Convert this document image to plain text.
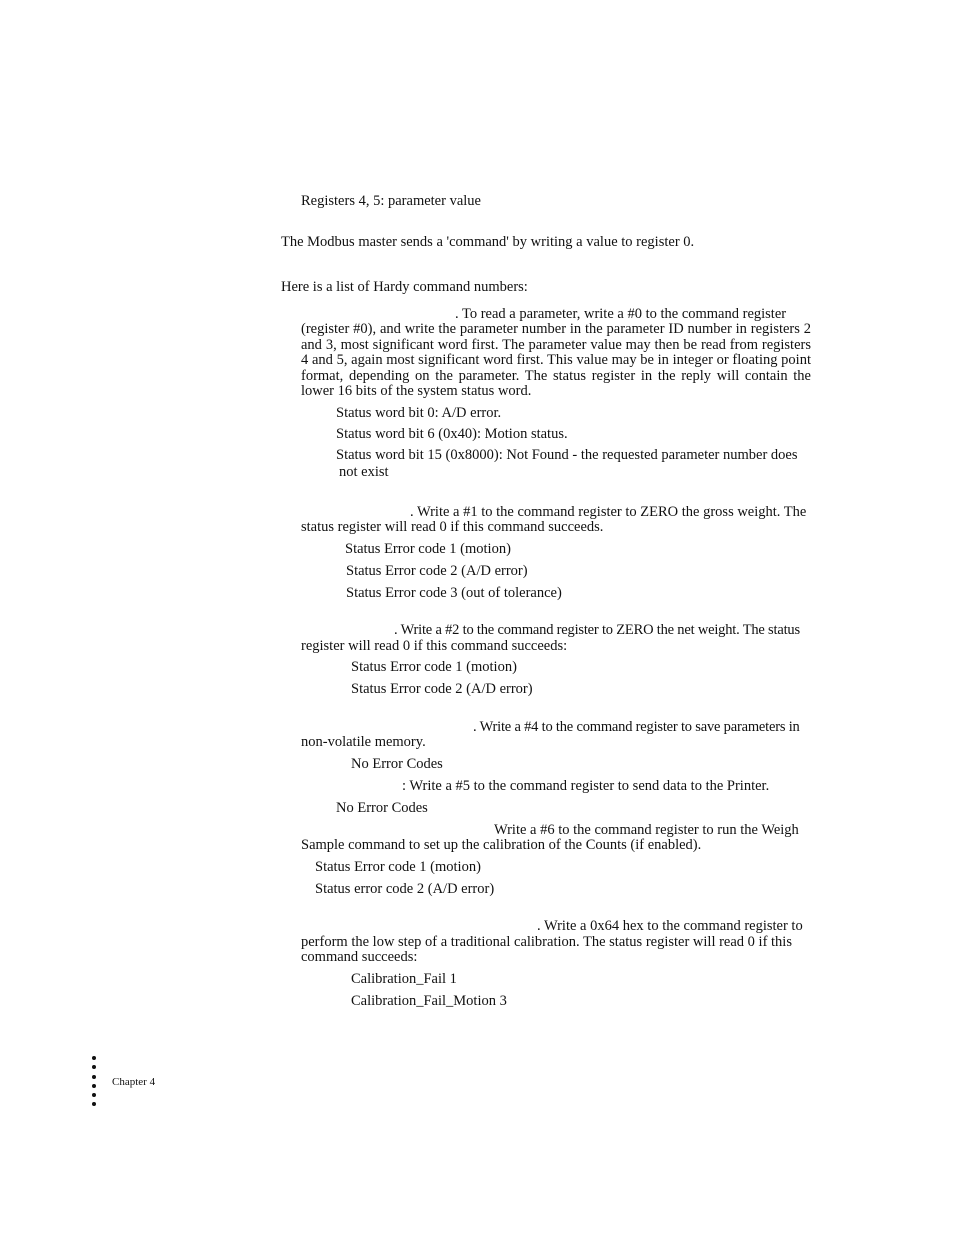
Registers 4, 5: parameter value
The Modbus master sends a 'command' by writing a value to register 0.
Here is a list of Hardy command numbers:
. To read a parameter, write a #0 to the command register
(register #0), and write the parameter number in the parameter ID number in registers 2 and 3, most significant word first. The parameter value may then be read from registers 4 and 5, again most significant word first. This value may be in integer or floating point format, depending on the parameter. The status register in the reply will contain the lower 16 bits of the system status word.
Status word bit 0: A/D error.
Status word bit 6 (0x40): Motion status.
Status word bit 15 (0x8000): Not Found - the requested parameter number does
not exist
. Write a #1 to the command register to ZERO the gross weight. The
status register will read 0 if this command succeeds.
Status Error code 1 (motion)
Status Error code 2 (A/D error)
Status Error code 3 (out of tolerance)
. Write a #2 to the command register to ZERO the net weight. The status
register will read 0 if this command succeeds:
Status Error code 1 (motion)
Status Error code 2 (A/D error)
. Write a #4 to the command register to save parameters in
non-volatile memory.
No Error Codes
: Write a #5 to the command register to send data to the Printer.
No Error Codes
Write a #6 to the command register to run the Weigh
Sample command to set up the calibration of the Counts (if enabled).
Status Error code 1 (motion)
Status error code 2 (A/D error)
. Write a 0x64 hex to the command register to
perform the low step of a traditional calibration. The status register will read 0 if this
command succeeds:
Calibration_Fail 1
Calibration_Fail_Motion 3
Chapter 4
